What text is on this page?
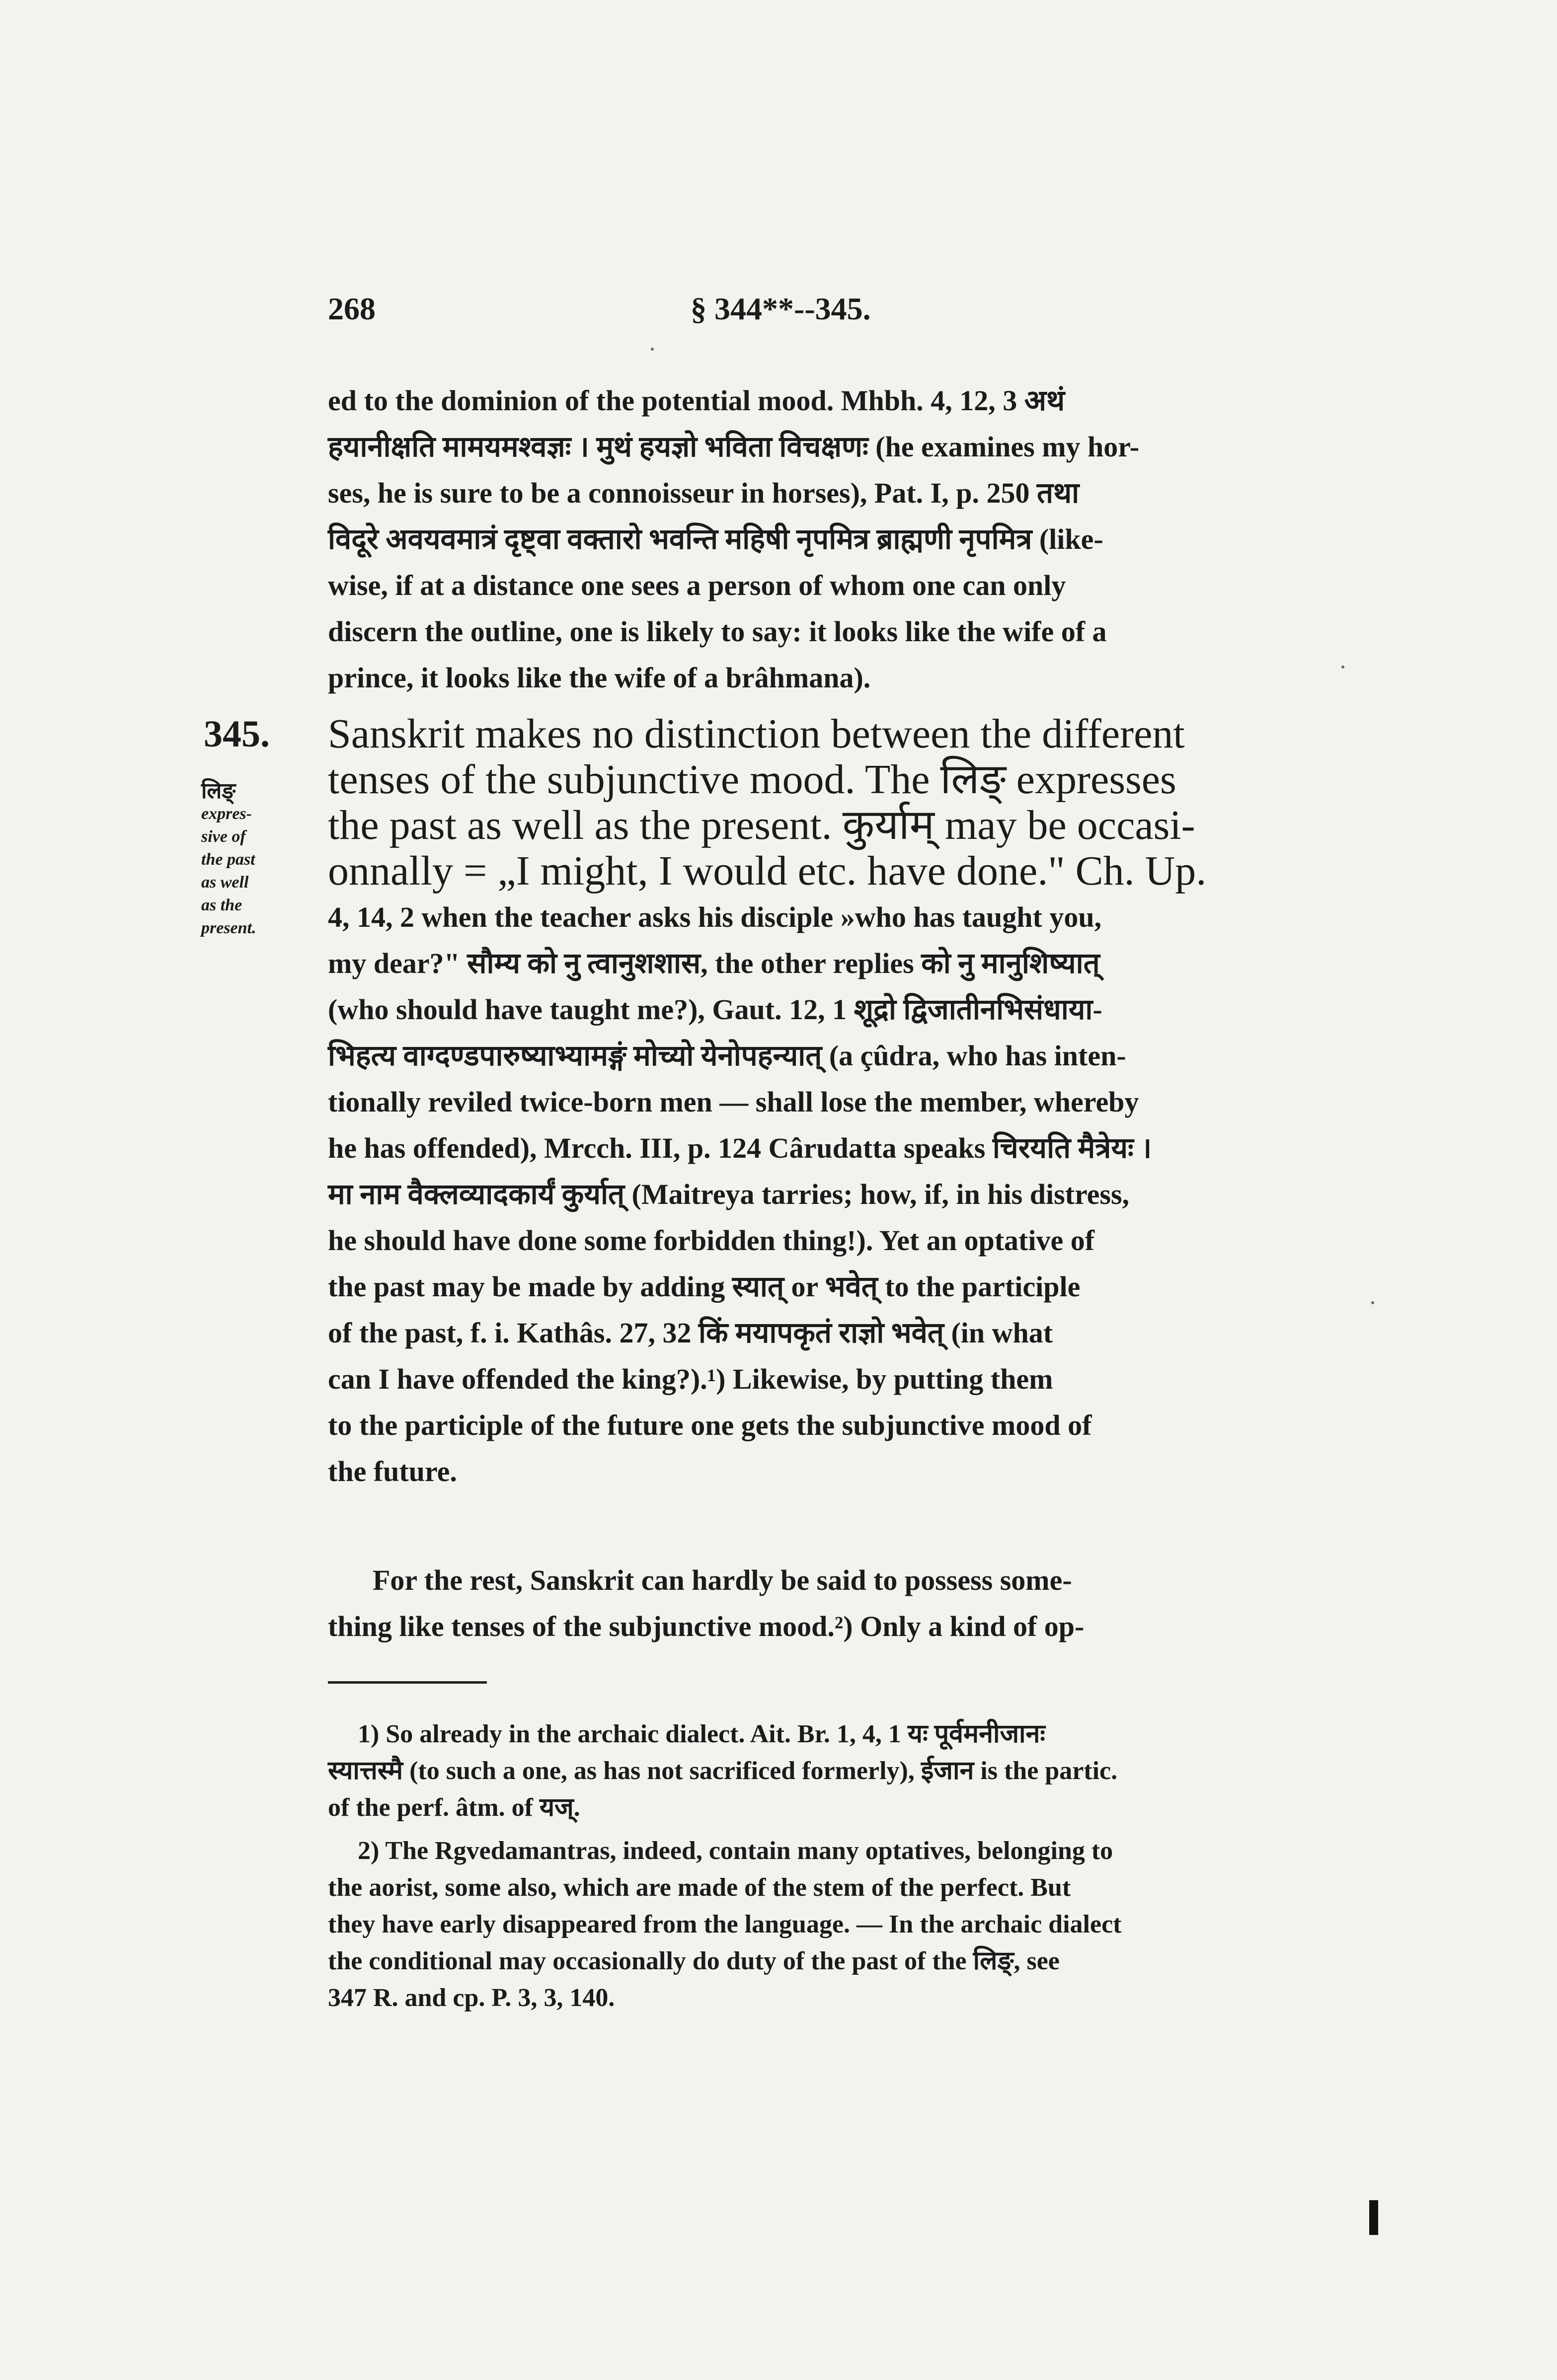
268	§ 344**--345.
ed to the dominion of the potential mood. Mhbh. 4, 12, 3 अथं
हयानीक्षति मामयमश्वज्ञः । मुथं हयज्ञो भविता विचक्षणः (he examines my hor-
ses, he is sure to be a connoisseur in horses), Pat. I, p. 250 तथा
विदूरे अवयवमात्रं दृष्ट्वा वक्तारो भवन्ति महिषी नृपमित्र ब्राह्मणी नृपमित्र (like-
wise, if at a distance one sees a person of whom one can only
discern the outline, one is likely to say: it looks like the wife of a
prince, it looks like the wife of a brâhmana).
345.
लिङ्
expres-
sive of
the past
as well
as the
present.
Sanskrit makes no distinction between the different
tenses of the subjunctive mood. The लिङ् expresses
the past as well as the present. कुर्याम् may be occasi-
onnally = „I might, I would etc. have done." Ch. Up.
4, 14, 2 when the teacher asks his disciple »who has taught you,
my dear?" सौम्य को नु त्वानुशशास, the other replies को नु मानुशिष्यात्
(who should have taught me?), Gaut. 12, 1 शूद्रो द्विजातीनभिसंधाया-
भिहत्य वाग्दण्डपारुष्याभ्यामङ्गं मोच्यो येनोपहन्यात् (a çûdra, who has inten-
tionally reviled twice-born men — shall lose the member, whereby
he has offended), Mrcch. III, p. 124 Cârudatta speaks चिरयति मैत्रेयः ।
मा नाम वैक्लव्यादकार्यं कुर्यात् (Maitreya tarries; how, if, in his distress,
he should have done some forbidden thing!). Yet an optative of
the past may be made by adding स्यात् or भवेत् to the participle
of the past, f. i. Kathâs. 27, 32 किं मयापकृतं राज्ञो भवेत् (in what
can I have offended the king?).¹) Likewise, by putting them
to the participle of the future one gets the subjunctive mood of
the future.
For the rest, Sanskrit can hardly be said to possess some-
thing like tenses of the subjunctive mood.²) Only a kind of op-
1) So already in the archaic dialect. Ait. Br. 1, 4, 1 यः पूर्वमनीजानः
स्यात्तस्मै (to such a one, as has not sacrificed formerly), ईजान is the partic.
of the perf. âtm. of यज्.
2) The Rgvedamantras, indeed, contain many optatives, belonging to
the aorist, some also, which are made of the stem of the perfect. But
they have early disappeared from the language. — In the archaic dialect
the conditional may occasionally do duty of the past of the लिङ्, see
347 R. and cp. P. 3, 3, 140.
